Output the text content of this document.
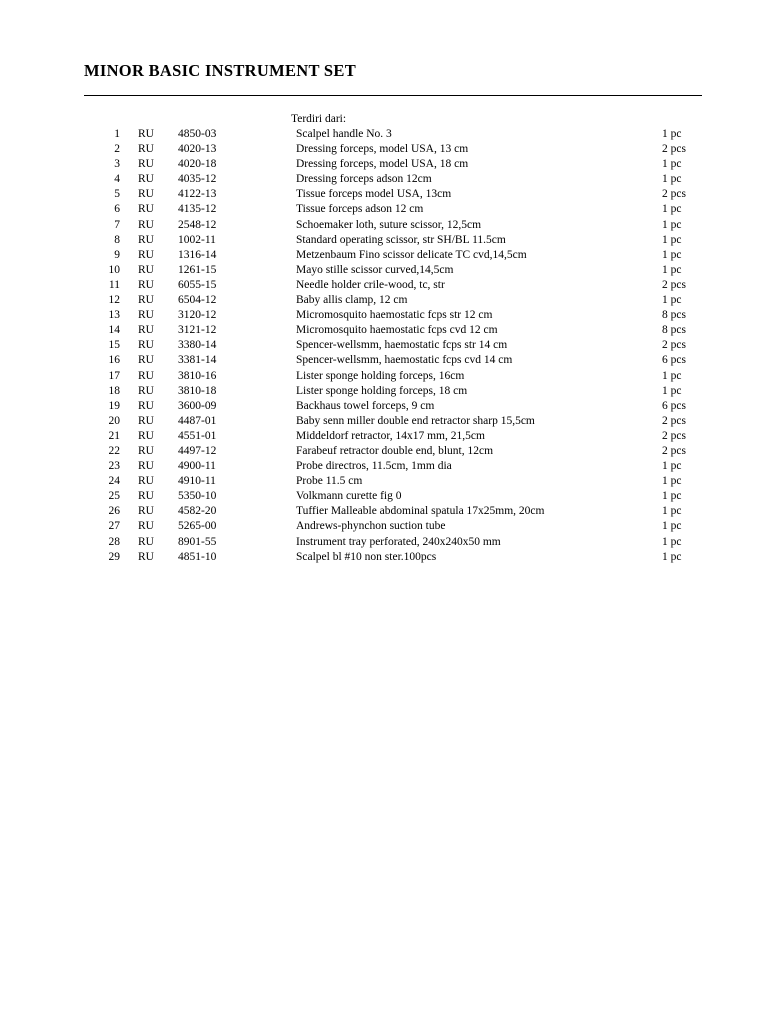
MINOR BASIC INSTRUMENT SET
Terdiri dari:
1 RU 4850-03	Scalpel handle No. 3	1 pc
2 RU 4020-13	Dressing forceps, model USA, 13 cm	2 pcs
3 RU 4020-18	Dressing forceps, model USA, 18 cm	1 pc
4 RU 4035-12	Dressing forceps adson 12cm	1 pc
5 RU 4122-13	Tissue forceps model USA, 13cm	2 pcs
6 RU 4135-12	Tissue forceps adson 12 cm	1 pc
7 RU 2548-12	Schoemaker loth, suture scissor, 12,5cm	1 pc
8 RU 1002-11	Standard operating scissor, str SH/BL 11.5cm	1 pc
9 RU 1316-14	Metzenbaum Fino scissor delicate TC cvd,14,5cm	1 pc
10 RU 1261-15	Mayo stille scissor curved,14,5cm	1 pc
11 RU 6055-15	Needle holder crile-wood, tc, str	2 pcs
12 RU 6504-12	Baby allis clamp, 12 cm	1 pc
13 RU 3120-12	Micromosquito haemostatic fcps str 12 cm	8 pcs
14 RU 3121-12	Micromosquito haemostatic fcps cvd 12 cm	8 pcs
15 RU 3380-14	Spencer-wellsmm, haemostatic fcps str 14 cm	2 pcs
16 RU 3381-14	Spencer-wellsmm, haemostatic fcps cvd 14 cm	6 pcs
17 RU 3810-16	Lister sponge holding forceps, 16cm	1 pc
18 RU 3810-18	Lister sponge holding forceps, 18 cm	1 pc
19 RU 3600-09	Backhaus towel forceps, 9 cm	6 pcs
20 RU 4487-01	Baby senn miller double end retractor sharp 15,5cm	2 pcs
21 RU 4551-01	Middeldorf retractor, 14x17 mm, 21,5cm	2 pcs
22 RU 4497-12	Farabeuf retractor double end, blunt, 12cm	2 pcs
23 RU 4900-11	Probe directros, 11.5cm, 1mm dia	1 pc
24 RU 4910-11	Probe 11.5 cm	1 pc
25 RU 5350-10	Volkmann curette fig 0	1 pc
26 RU 4582-20	Tuffier Malleable abdominal spatula 17x25mm, 20cm	1 pc
27 RU 5265-00	Andrews-phynchon suction tube	1 pc
28 RU 8901-55	Instrument tray perforated, 240x240x50 mm	1 pc
29 RU 4851-10	Scalpel bl #10 non ster.100pcs	1 pc
